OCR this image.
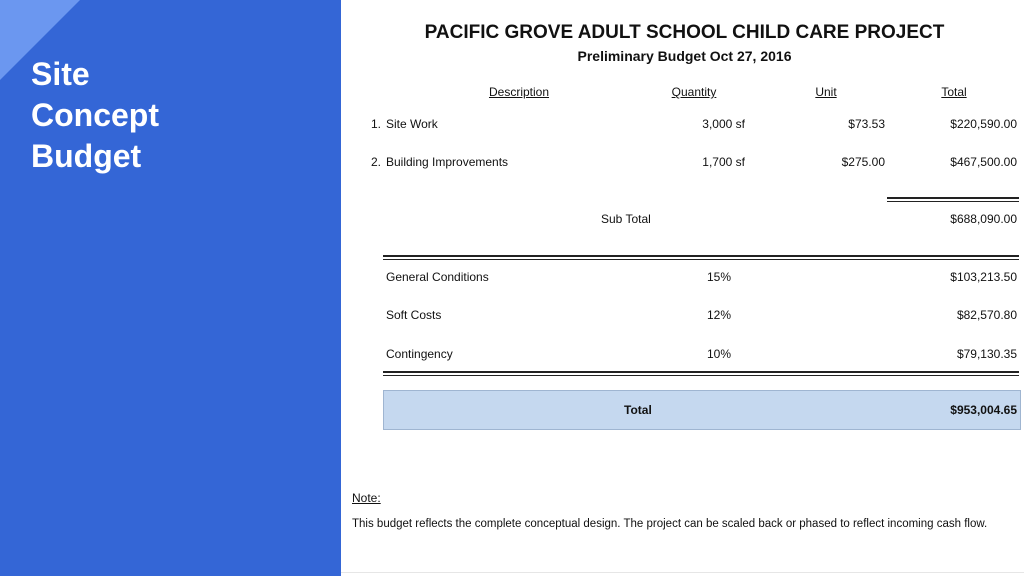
Site
Concept
Budget
PACIFIC GROVE ADULT SCHOOL CHILD CARE PROJECT
Preliminary Budget Oct 27, 2016
Description	Quantity	Unit	Total
1. Site Work	3,000 sf	$73.53	$220,590.00
2. Building Improvements	1,700 sf	$275.00	$467,500.00
Sub Total	$688,090.00
General Conditions	15%	$103,213.50
Soft Costs	12%	$82,570.80
Contingency	10%	$79,130.35
Total	$953,004.65
Note:
This budget reflects the complete conceptual design. The project can be scaled back or phased to reflect incoming cash flow.
